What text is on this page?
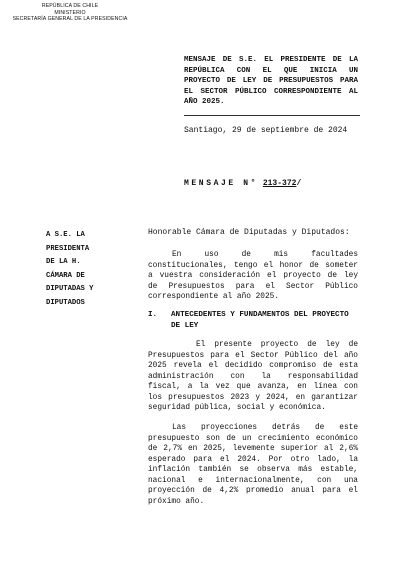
REPÚBLICA DE CHILE
MINISTERIO
SECRETARÍA GENERAL DE LA PRESIDENCIA
MENSAJE DE S.E. EL PRESIDENTE DE LA REPÚBLICA CON EL QUE INICIA UN PROYECTO DE LEY DE PRESUPUESTOS PARA EL SECTOR PÚBLICO CORRESPONDIENTE AL AÑO 2025.
Santiago, 29 de septiembre de 2024
MENSAJE N° 213-372/
A S.E. LA
PRESIDENTA
DE LA H.
CÁMARA DE
DIPUTADAS Y
DIPUTADOS
Honorable Cámara de Diputadas y Diputados:
En uso de mis facultades constitucionales, tengo el honor de someter a vuestra consideración el proyecto de ley de Presupuestos para el Sector Público correspondiente al año 2025.
I. ANTECEDENTES Y FUNDAMENTOS DEL PROYECTO DE LEY
El presente proyecto de ley de Presupuestos para el Sector Público del año 2025 revela el decidido compromiso de esta administración con la responsabilidad fiscal, a la vez que avanza, en línea con los presupuestos 2023 y 2024, en garantizar seguridad pública, social y económica.
Las proyecciones detrás de este presupuesto son de un crecimiento económico de 2,7% en 2025, levemente superior al 2,6% esperado para el 2024. Por otro lado, la inflación también se observa más estable, nacional e internacionalmente, con una proyección de 4,2% promedio anual para el próximo año.
